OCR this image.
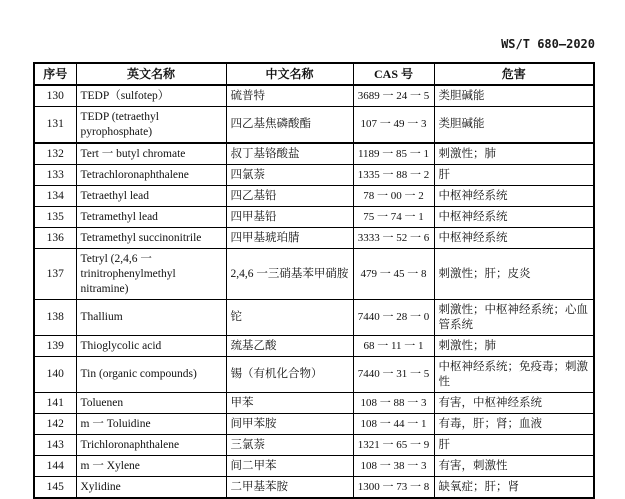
WS/T 680—2020
序号	英文名称	中文名称	CAS 号	危害
130	TEDP（sulfotep）	硫普特	3689 一 24 一 5	类胆碱能
131	TEDP (tetraethyl pyrophosphate)	四乙基焦磷酸酯	107 一 49 一 3	类胆碱能
132	Tert 一 butyl chromate	叔丁基铬酸盐	1189 一 85 一 1	刺激性；肺
133	Tetrachloronaphthalene	四氯萘	1335 一 88 一 2	肝
134	Tetraethyl lead	四乙基铅	78 一 00 一 2	中枢神经系统
135	Tetramethyl lead	四甲基铅	75 一 74 一 1	中枢神经系统
136	Tetramethyl succinonitrile	四甲基琥珀腈	3333 一 52 一 6	中枢神经系统
137	Tetryl (2,4,6 一 trinitrophenylmethyl nitramine)	2,4,6 一三硝基苯甲硝胺	479 一 45 一 8	刺激性；肝；皮炎
138	Thallium	铊	7440 一 28 一 0	刺激性；中枢神经系统；心血管系统
139	Thioglycolic acid	巯基乙酸	68 一 11 一 1	刺激性；肺
140	Tin (organic compounds)	锡（有机化合物）	7440 一 31 一 5	中枢神经系统；免疫毒；刺激性
141	Toluenen	甲苯	108 一 88 一 3	有害，中枢神经系统
142	m 一 Toluidine	间甲苯胺	108 一 44 一 1	有毒，肝；肾；血液
143	Trichloronaphthalene	三氯萘	1321 一 65 一 9	肝
144	m 一 Xylene	间二甲苯	108 一 38 一 3	有害，刺激性
145	Xylidine	二甲基苯胺	1300 一 73 一 8	缺氧症；肝；肾
